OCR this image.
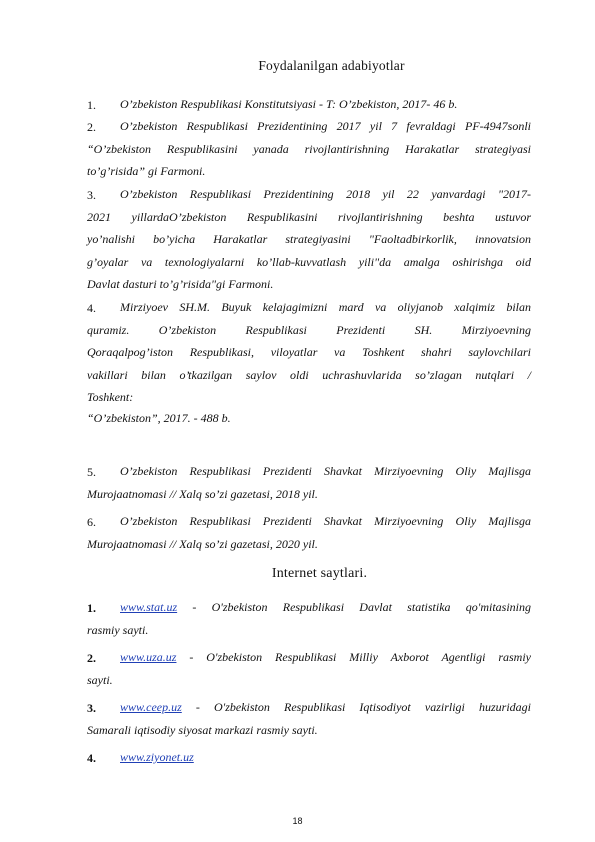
Foydalanilgan adabiyotlar
1.	O’zbekiston Respublikasi Konstitutsiyasi - T: O’zbekiston, 2017- 46 b.
2.	O’zbekiston Respublikasi Prezidentining 2017 yil 7 fevraldagi PF-4947sonli
“O’zbekiston Respublikasini yanada rivojlantirishning Harakatlar strategiyasi
to’g’risida” gi Farmoni.
3.	O’zbekiston Respublikasi Prezidentining 2018 yil 22 yanvardagi "2017-
2021 yillardaO’zbekiston Respublikasini rivojlantirishning beshta ustuvor
yo’nalishi bo’yicha Harakatlar strategiyasini "Faoltadbirkorlik, innovatsion
g’oyalar va texnologiyalarni ko’llab-kuvvatlash yili"da amalga oshirishga oid
Davlat dasturi to’g’risida"gi Farmoni.
4.	Mirziyoev SH.M. Buyuk kelajagimizni mard va oliyjanob xalqimiz bilan
quramiz. O’zbekiston Respublikasi Prezidenti SH. Mirziyoevning
Qoraqalpog’iston Respublikasi, viloyatlar va Toshkent shahri saylovchilari
vakillari bilan o’tkazilgan saylov oldi uchrashuvlarida so’zlagan nutqlari /
Toshkent:
“O’zbekiston”, 2017. - 488 b.
5.	O’zbekiston Respublikasi Prezidenti Shavkat Mirziyoevning Oliy Majlisga
Murojaatnomasi // Xalq so’zi gazetasi, 2018 yil.
6.	O’zbekiston Respublikasi Prezidenti Shavkat Mirziyoevning Oliy Majlisga
Murojaatnomasi // Xalq so’zi gazetasi, 2020 yil.
Internet saytlari.
1.	www.stat.uz - O'zbekiston Respublikasi Davlat statistika qo'mitasining
rasmiy sayti.
2.	www.uza.uz - O'zbekiston Respublikasi Milliy Axborot Agentligi rasmiy
sayti.
3.	www.ceep.uz - O'zbekiston Respublikasi Iqtisodiyot vazirligi huzuridagi
Samarali iqtisodiy siyosat markazi rasmiy sayti.
4.	www.ziyonet.uz
18
